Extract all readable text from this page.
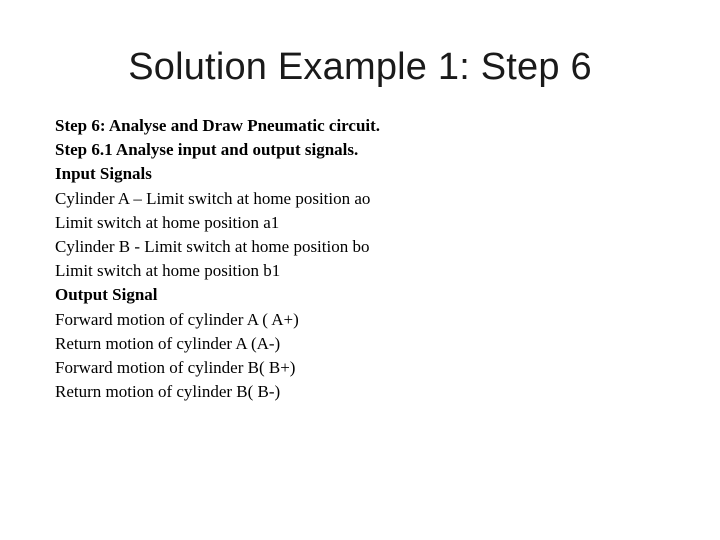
Solution Example 1: Step 6
Step 6: Analyse and Draw Pneumatic circuit.
Step 6.1 Analyse input and output signals.
Input Signals
Cylinder A – Limit switch at home position ao
Limit switch at home position a1
Cylinder B - Limit switch at home position bo
Limit switch at home position b1
Output Signal
Forward motion of cylinder A ( A+)
Return motion of cylinder A (A-)
Forward motion of cylinder B( B+)
Return motion of cylinder B( B-)
